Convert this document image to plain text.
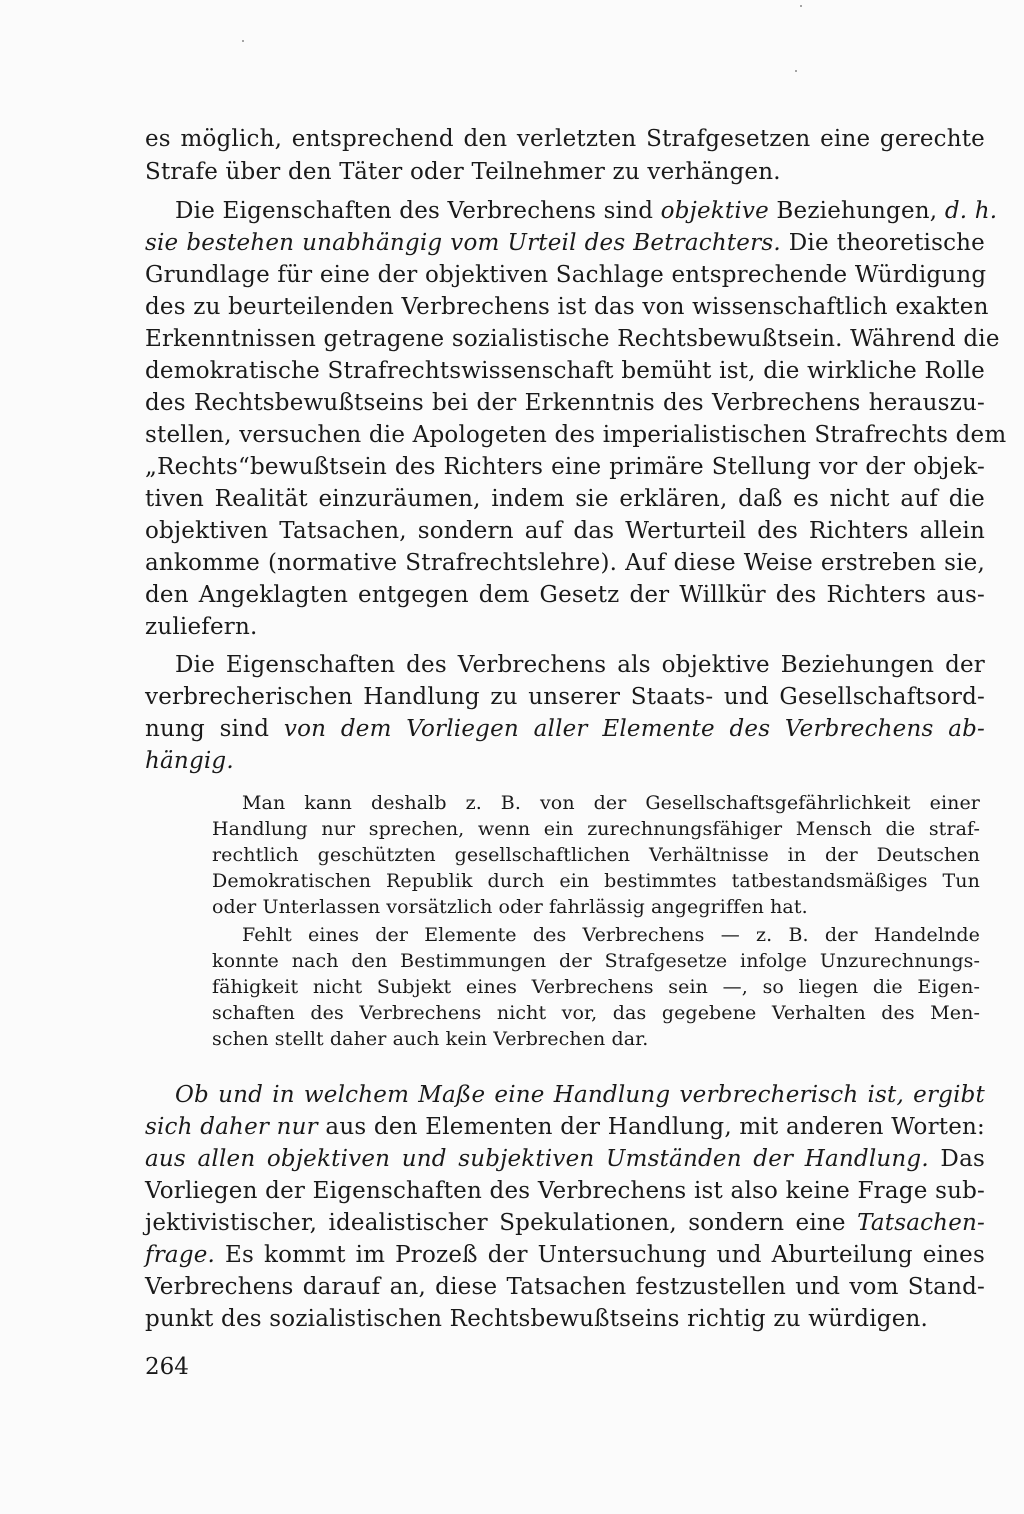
es möglich, entsprechend den verletzten Strafgesetzen eine gerechte
Strafe über den Täter oder Teilnehmer zu verhängen.
Die Eigenschaften des Verbrechens sind objektive Beziehungen, d. h.
sie bestehen unabhängig vom Urteil des Betrachters. Die theoretische
Grundlage für eine der objektiven Sachlage entsprechende Würdigung
des zu beurteilenden Verbrechens ist das von wissenschaftlich exakten
Erkenntnissen getragene sozialistische Rechtsbewußtsein. Während die
demokratische Strafrechtswissenschaft bemüht ist, die wirkliche Rolle
des Rechtsbewußtseins bei der Erkenntnis des Verbrechens herauszu-
stellen, versuchen die Apologeten des imperialistischen Strafrechts dem
„Rechts“bewußtsein des Richters eine primäre Stellung vor der objek-
tiven Realität einzuräumen, indem sie erklären, daß es nicht auf die
objektiven Tatsachen, sondern auf das Werturteil des Richters allein
ankomme (normative Strafrechtslehre). Auf diese Weise erstreben sie,
den Angeklagten entgegen dem Gesetz der Willkür des Richters aus-
zuliefern.
Die Eigenschaften des Verbrechens als objektive Beziehungen der
verbrecherischen Handlung zu unserer Staats- und Gesellschaftsord-
nung sind von dem Vorliegen aller Elemente des Verbrechens ab-
hängig.
Man kann deshalb z. B. von der Gesellschaftsgefährlichkeit einer
Handlung nur sprechen, wenn ein zurechnungsfähiger Mensch die straf-
rechtlich geschützten gesellschaftlichen Verhältnisse in der Deutschen
Demokratischen Republik durch ein bestimmtes tatbestandsmäßiges Tun
oder Unterlassen vorsätzlich oder fahrlässig angegriffen hat.
Fehlt eines der Elemente des Verbrechens — z. B. der Handelnde
konnte nach den Bestimmungen der Strafgesetze infolge Unzurechnungs-
fähigkeit nicht Subjekt eines Verbrechens sein —, so liegen die Eigen-
schaften des Verbrechens nicht vor, das gegebene Verhalten des Men-
schen stellt daher auch kein Verbrechen dar.
Ob und in welchem Maße eine Handlung verbrecherisch ist, ergibt
sich daher nur aus den Elementen der Handlung, mit anderen Worten:
aus allen objektiven und subjektiven Umständen der Handlung. Das
Vorliegen der Eigenschaften des Verbrechens ist also keine Frage sub-
jektivistischer, idealistischer Spekulationen, sondern eine Tatsachen-
frage. Es kommt im Prozeß der Untersuchung und Aburteilung eines
Verbrechens darauf an, diese Tatsachen festzustellen und vom Stand-
punkt des sozialistischen Rechtsbewußtseins richtig zu würdigen.
264
